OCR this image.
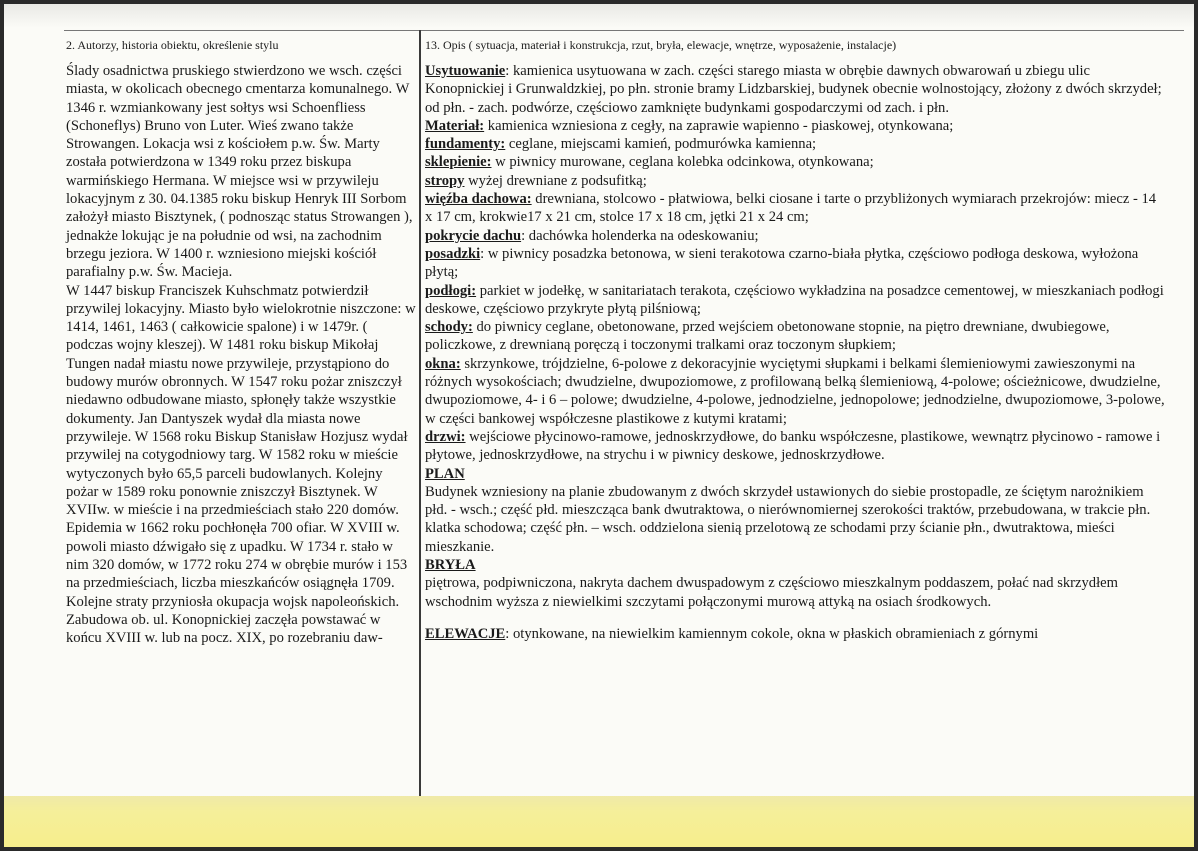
2. Autorzy, historia obiektu, określenie stylu

Ślady osadnictwa pruskiego stwierdzono we wsch. części miasta, w okolicach obecnego cmentarza komunalnego. W 1346 r. wzmiankowany jest sołtys wsi Schoenfliess (Schoneflys) Bruno von Luter. Wieś zwano także Strowangen. Lokacja wsi z kościołem p.w. Św. Marty została potwierdzona w 1349 roku przez biskupa warmińskiego Hermana. W miejsce wsi w przywileju lokacyjnym z 30. 04.1385 roku biskup Henryk III Sorbom założył miasto Bisztynek, ( podnosząc status Strowangen ), jednakże lokując je na południe od wsi, na zachodnim brzegu jeziora. W 1400 r. wzniesiono miejski kościół parafialny p.w. Św. Macieja.

W 1447 biskup Franciszek Kuhschmatz potwierdził przywilej lokacyjny. Miasto było wielokrotnie niszczone: w 1414, 1461, 1463 ( całkowicie spalone) i w 1479r. ( podczas wojny kleszej). W 1481 roku biskup Mikołaj Tungen nadał miastu nowe przywileje, przystąpiono do budowy murów obronnych. W 1547 roku pożar zniszczył niedawno odbudowane miasto, spłonęły także wszystkie dokumenty. Jan Dantyszek wydał dla miasta nowe przywileje. W 1568 roku Biskup Stanisław Hozjusz wydał przywilej na cotygodniowy targ. W 1582 roku w mieście wytyczonych było 65,5 parceli budowlanych. Kolejny pożar w 1589 roku ponownie zniszczył Bisztynek. W XVIIw. w mieście i na przedmieściach stało 220 domów. Epidemia w 1662 roku pochłonęła 700 ofiar. W XVIII w. powoli miasto dźwigało się z upadku. W 1734 r. stało w nim 320 domów, w 1772 roku 274 w obrębie murów i 153 na przedmieściach, liczba mieszkańców osiągnęła 1709. Kolejne straty przyniosła okupacja wojsk napoleońskich. Zabudowa ob. ul. Konopnickiej zaczęła powstawać w końcu XVIII w. lub na pocz. XIX, po rozebraniu daw-

13. Opis ( sytuacja, materiał i konstrukcja, rzut, bryła, elewacje, wnętrze, wyposażenie, instalacje)

Usytuowanie: kamienica usytuowana w zach. części starego miasta w obrębie dawnych obwarowań u zbiegu ulic Konopnickiej i Grunwaldzkiej, po płn. stronie bramy Lidzbarskiej, budynek obecnie wolnostojący, złożony z dwóch skrzydeł; od płn. - zach. podwórze, częściowo zamknięte budynkami gospodarczymi od zach. i płn.

Materiał: kamienica wzniesiona z cegły, na zaprawie wapienno - piaskowej, otynkowana;

fundamenty: ceglane, miejscami kamień, podmurówka kamienna;

sklepienie: w piwnicy murowane, ceglana kolebka odcinkowa, otynkowana;

stropy wyżej drewniane z podsufitką;

więźba dachowa: drewniana, stolcowo - płatwiowa, belki ciosane i tarte o przybliżonych wymiarach przekrojów: miecz - 14 x 17 cm, krokwie17 x 21 cm, stolce 17 x 18 cm, jętki 21 x 24 cm;

pokrycie dachu: dachówka holenderka na odeskowaniu;

posadzki: w piwnicy posadzka betonowa, w sieni terakotowa czarno-biała płytka, częściowo podłoga deskowa, wyłożona płytą;

podłogi: parkiet w jodełkę, w sanitariatach terakota, częściowo wykładzina na posadzce cementowej, w mieszkaniach podłogi deskowe, częściowo przykryte płytą pilśniową;

schody: do piwnicy ceglane, obetonowane, przed wejściem obetonowane stopnie, na piętro drewniane, dwubiegowe, policzkowe, z drewnianą poręczą i toczonymi tralkami oraz toczonym słupkiem;

okna: skrzynkowe, trójdzielne, 6-polowe z dekoracyjnie wyciętymi słupkami i belkami ślemieniowymi zawieszonymi na różnych wysokościach; dwudzielne, dwupoziomowe, z profilowaną belką ślemieniową, 4-polowe; ościeżnicowe, dwudzielne, dwupoziomowe, 4- i 6 – polowe; dwudzielne, 4-polowe, jednodzielne, jednopolowe; jednodzielne, dwupoziomowe, 3-polowe, w części bankowej współczesne plastikowe z kutymi kratami;

drzwi: wejściowe płycinowo-ramowe, jednoskrzydłowe, do banku współczesne, plastikowe, wewnątrz płycinowo - ramowe i płytowe, jednoskrzydłowe, na strychu i w piwnicy deskowe, jednoskrzydłowe.

PLAN

Budynek wzniesiony na planie zbudowanym z dwóch skrzydeł ustawionych do siebie prostopadle, ze ściętym narożnikiem płd. - wsch.; część płd. mieszcząca bank dwutraktowa, o nierównomiernej szerokości traktów, przebudowana, w trakcie płn. klatka schodowa; część płn. – wsch. oddzielona sienią przelotową ze schodami przy ścianie płn., dwutraktowa, mieści mieszkanie.

BRYŁA

piętrowa, podpiwniczona, nakryta dachem dwuspadowym z częściowo mieszkalnym poddaszem, połać nad skrzydłem wschodnim wyższa z niewielkimi szczytami połączonymi murową attyką na osiach środkowych.

ELEWACJE: otynkowane, na niewielkim kamiennym cokole, okna w płaskich obramieniach z górnymi
